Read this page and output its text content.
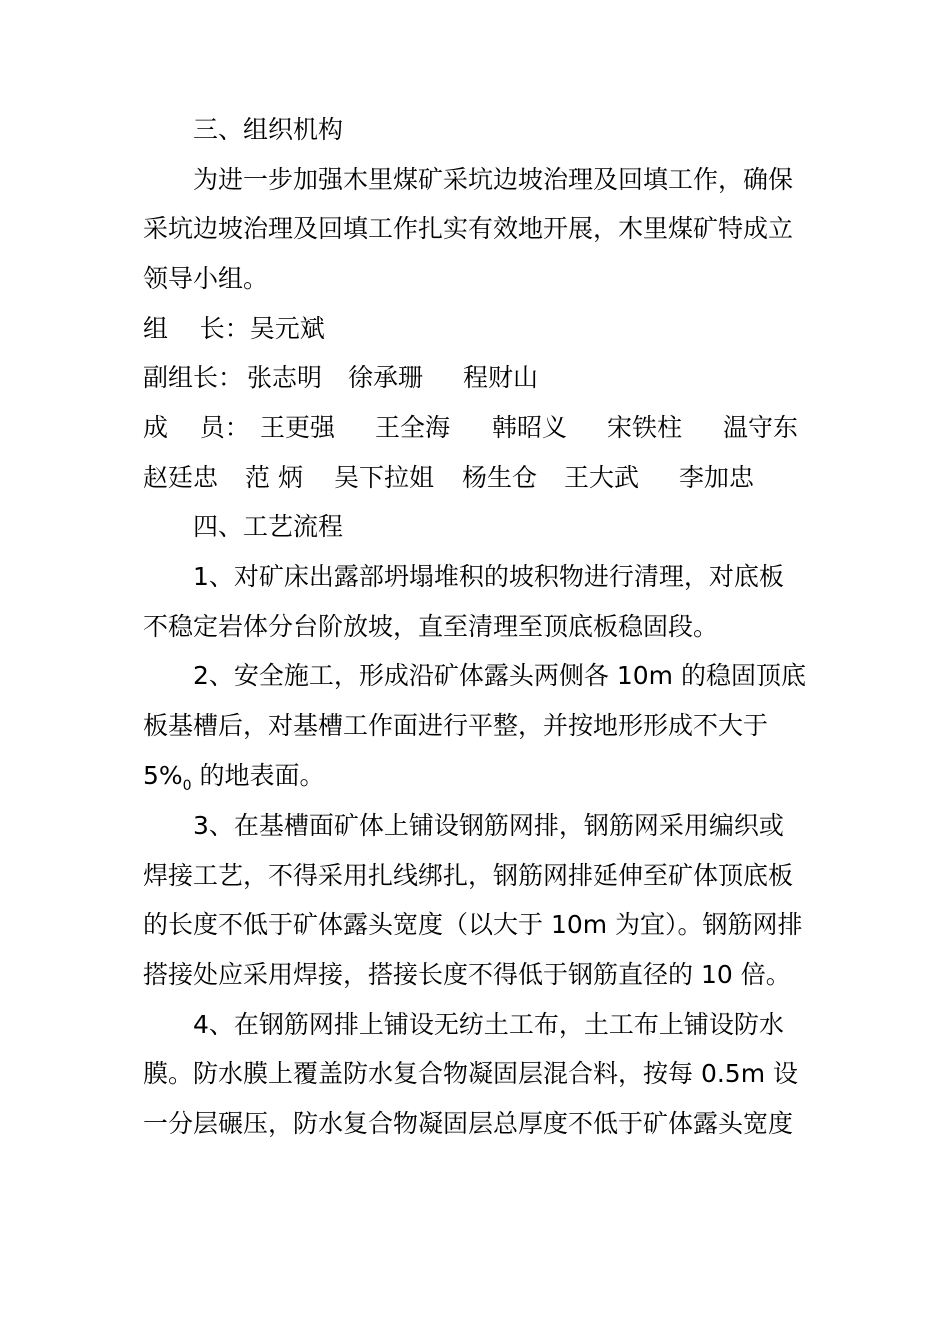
三、组织机构
为进一步加强木里煤矿采坑边坡治理及回填工作，确保
采坑边坡治理及回填工作扎实有效地开展，木里煤矿特成立
领导小组。
组    长：吴元斌
副组长： 张志明 徐承珊 程财山
成    员： 王更强 王全海 韩昭义 宋铁柱 温守东
赵廷忠 范 炳 吴下拉姐 杨生仓 王大武 李加忠
四、工艺流程
1、对矿床出露部坍塌堆积的坡积物进行清理，对底板
不稳定岩体分台阶放坡，直至清理至顶底板稳固段。
2、安全施工，形成沿矿体露头两侧各 10m 的稳固顶底
板基槽后，对基槽工作面进行平整，并按地形形成不大于
$5\%_0$ 的地表面。
3、在基槽面矿体上铺设钢筋网排，钢筋网采用编织或
焊接工艺，不得采用扎线绑扎，钢筋网排延伸至矿体顶底板
的长度不低于矿体露头宽度（以大于 10m 为宜）。钢筋网排
搭接处应采用焊接，搭接长度不得低于钢筋直径的 10 倍。
4、在钢筋网排上铺设无纺土工布，土工布上铺设防水
膜。防水膜上覆盖防水复合物凝固层混合料，按每 0.5m 设
一分层碾压，防水复合物凝固层总厚度不低于矿体露头宽度
